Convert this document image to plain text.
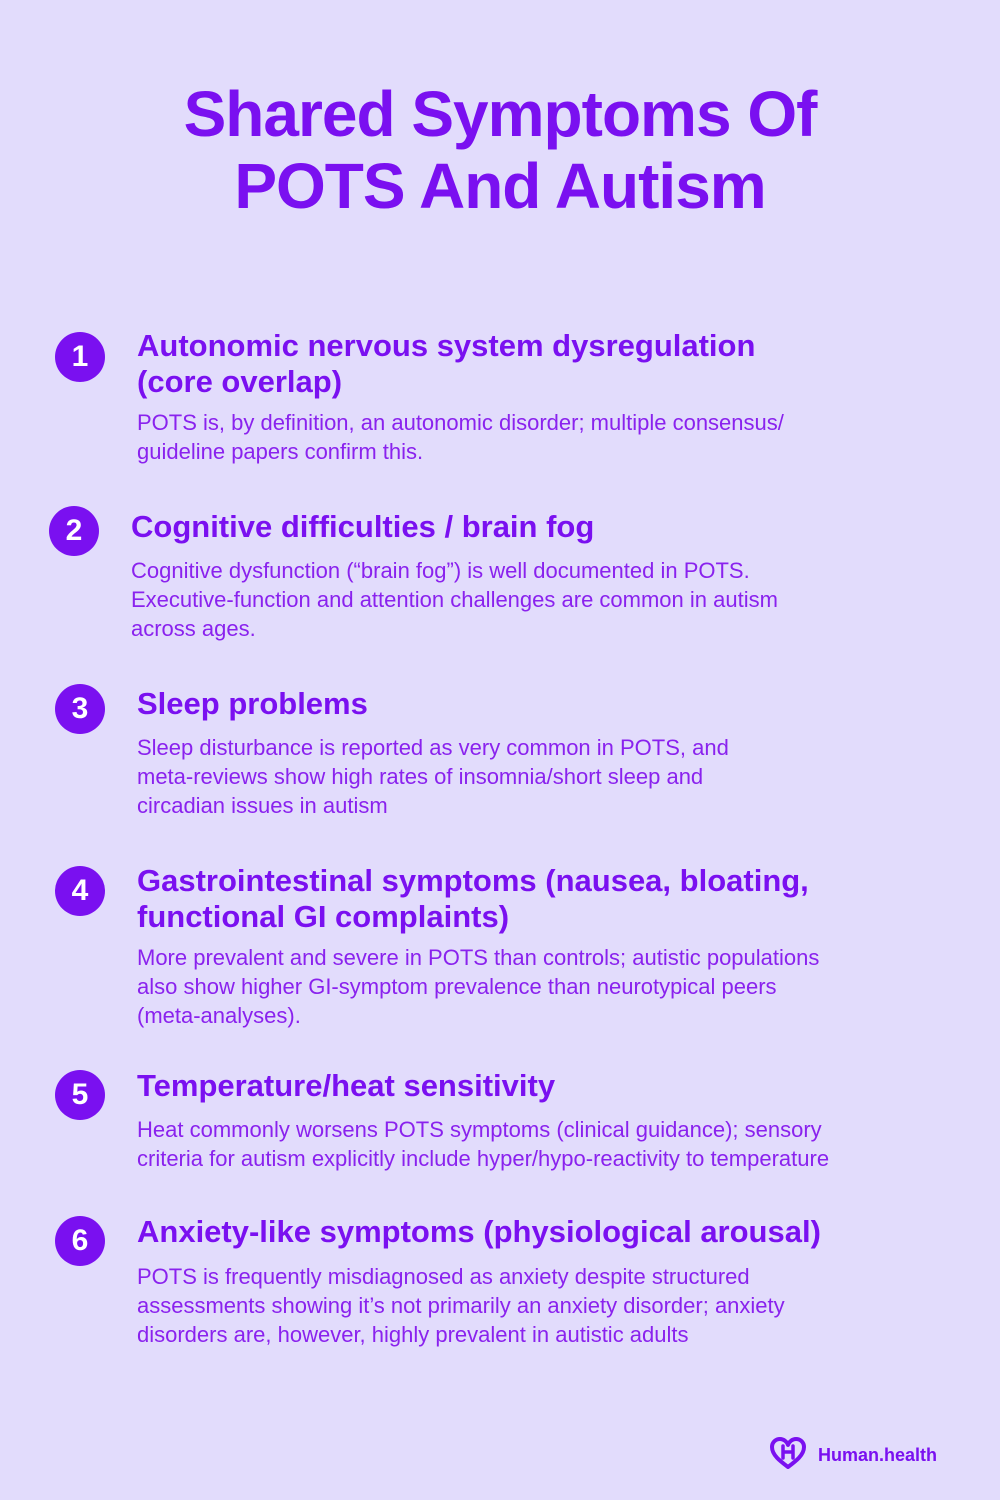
Shared Symptoms Of
POTS And Autism
1	Autonomic nervous system dysregulation
(core overlap)

POTS is, by definition, an autonomic disorder; multiple consensus/
guideline papers confirm this.

2	Cognitive difficulties / brain fog

Cognitive dysfunction (“brain fog”) is well documented in POTS.
Executive-function and attention challenges are common in autism
across ages.

3	Sleep problems

Sleep disturbance is reported as very common in POTS, and
meta-reviews show high rates of insomnia/short sleep and
circadian issues in autism

4	Gastrointestinal symptoms (nausea, bloating,
functional GI complaints)

More prevalent and severe in POTS than controls; autistic populations
also show higher GI-symptom prevalence than neurotypical peers
(meta-analyses).

5	Temperature/heat sensitivity

Heat commonly worsens POTS symptoms (clinical guidance); sensory
criteria for autism explicitly include hyper/hypo-reactivity to temperature

6	Anxiety-like symptoms (physiological arousal)

POTS is frequently misdiagnosed as anxiety despite structured
assessments showing it’s not primarily an anxiety disorder; anxiety
disorders are, however, highly prevalent in autistic adults

Human.health
